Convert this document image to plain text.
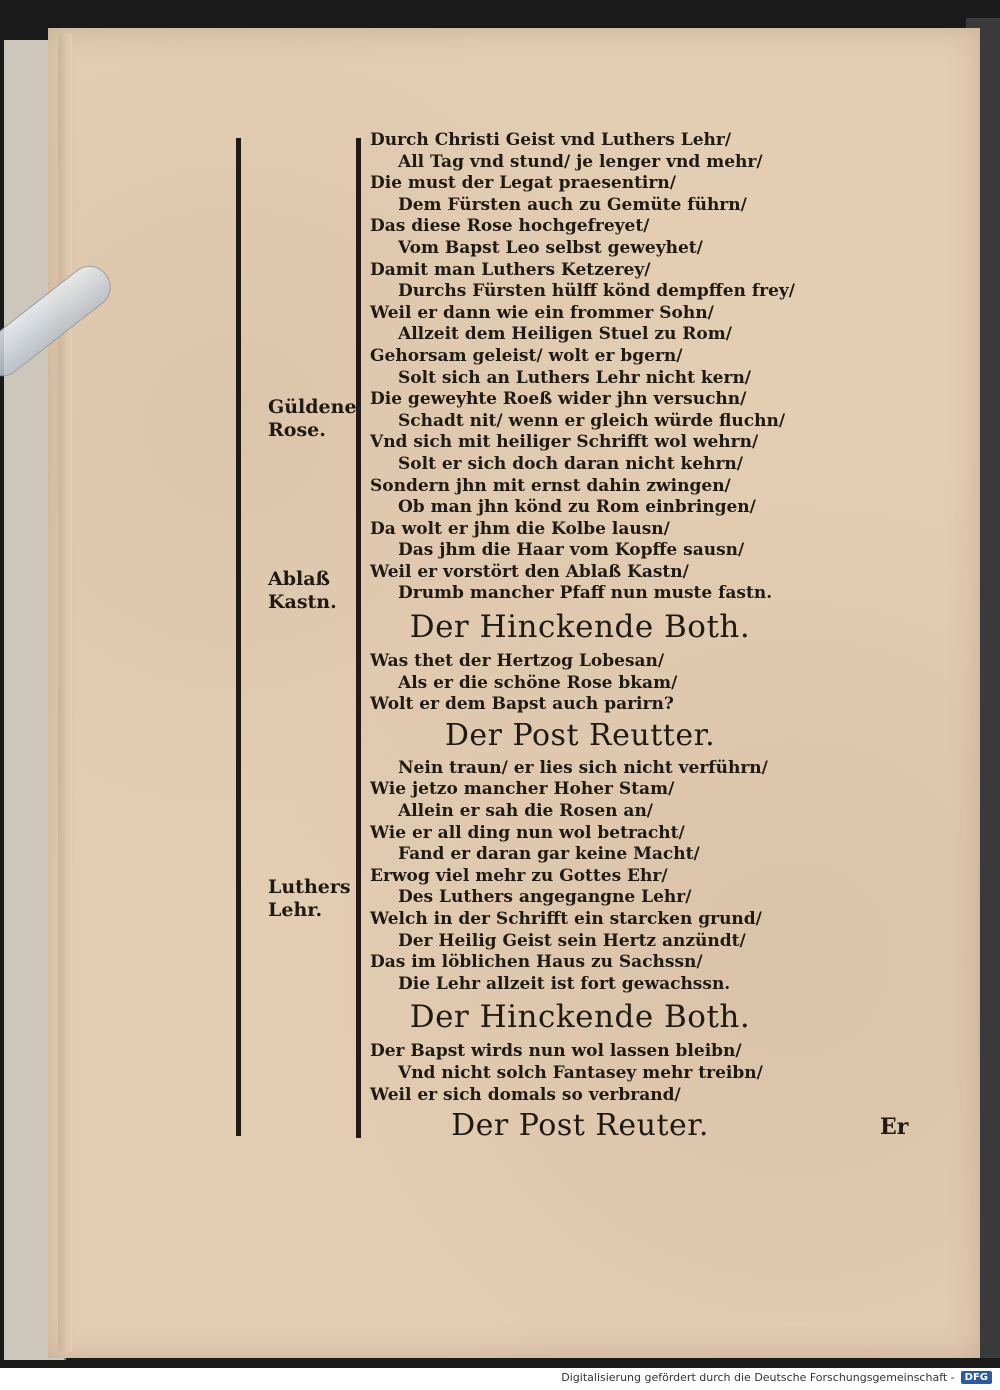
Güldene
Rose.
Ablaß
Kastn.
Luthers
Lehr.
Durch Christi Geist vnd Luthers Lehr/
All Tag vnd stund/ je lenger vnd mehr/
Die must der Legat praesentirn/
Dem Fürsten auch zu Gemüte führn/
Das diese Rose hochgefreyet/
Vom Bapst Leo selbst geweyhet/
Damit man Luthers Ketzerey/
Durchs Fürsten hülff könd dempffen frey/
Weil er dann wie ein frommer Sohn/
Allzeit dem Heiligen Stuel zu Rom/
Gehorsam geleist/ wolt er bgern/
Solt sich an Luthers Lehr nicht kern/
Die geweyhte Roeß wider jhn versuchn/
Schadt nit/ wenn er gleich würde fluchn/
Vnd sich mit heiliger Schrifft wol wehrn/
Solt er sich doch daran nicht kehrn/
Sondern jhn mit ernst dahin zwingen/
Ob man jhn könd zu Rom einbringen/
Da wolt er jhm die Kolbe lausn/
Das jhm die Haar vom Kopffe sausn/
Weil er vorstört den Ablaß Kastn/
Drumb mancher Pfaff nun muste fastn.
Der Hinckende Both.
Was thet der Hertzog Lobesan/
Als er die schöne Rose bkam/
Wolt er dem Bapst auch parirn?
Der Post Reutter.
Nein traun/ er lies sich nicht verführn/
Wie jetzo mancher Hoher Stam/
Allein er sah die Rosen an/
Wie er all ding nun wol betracht/
Fand er daran gar keine Macht/
Erwog viel mehr zu Gottes Ehr/
Des Luthers angegangne Lehr/
Welch in der Schrifft ein starcken grund/
Der Heilig Geist sein Hertz anzündt/
Das im löblichen Haus zu Sachssn/
Die Lehr allzeit ist fort gewachssn.
Der Hinckende Both.
Der Bapst wirds nun wol lassen bleibn/
Vnd nicht solch Fantasey mehr treibn/
Weil er sich domals so verbrand/
Der Post Reuter.	Er
Digitalisierung gefördert durch die Deutsche Forschungsgemeinschaft - DFG
